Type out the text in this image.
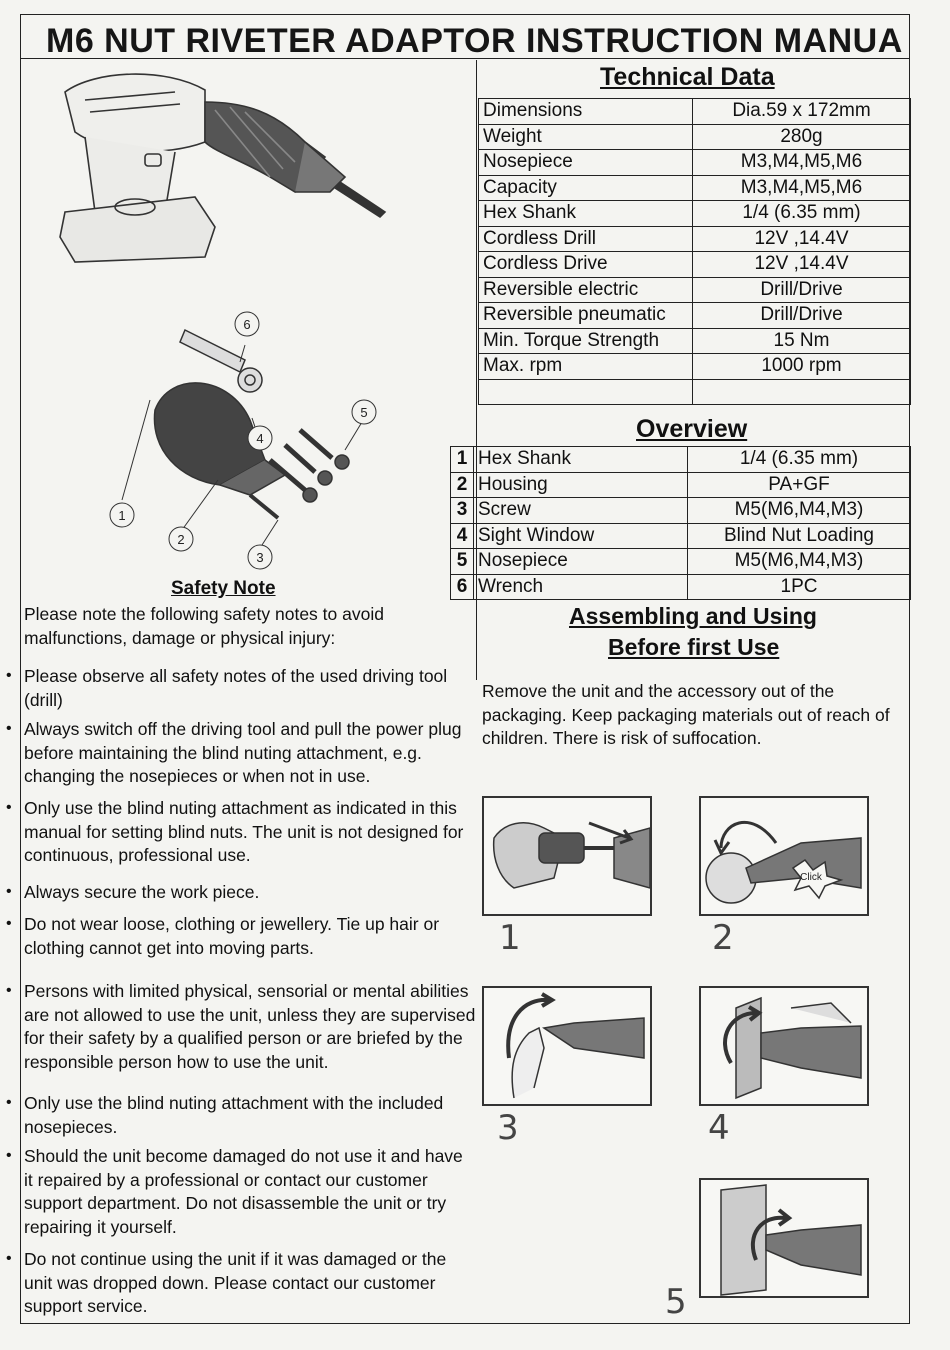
M6 NUT RIVETER ADAPTOR INSTRUCTION MANUA
1
2
3
4
5
6
Technical Data
Dimensions	Dia.59 x 172mm
Weight	280g
Nosepiece	M3,M4,M5,M6
Capacity	M3,M4,M5,M6
Hex Shank	1/4 (6.35 mm)
Cordless Drill	12V ,14.4V
Cordless Drive	12V ,14.4V
Reversible electric	Drill/Drive
Reversible pneumatic	Drill/Drive
Min. Torque Strength	15 Nm
Max. rpm	1000 rpm

Overview
1	Hex Shank	1/4 (6.35 mm)
2	Housing	PA+GF
3	Screw	M5(M6,M4,M3)
4	Sight Window	Blind Nut Loading
5	Nosepiece	M5(M6,M4,M3)
6	Wrench	1PC
Safety Note
Please note the following safety notes to avoid malfunctions, damage or physical injury:
• Please observe all safety notes of the used driving tool (drill)
• Always switch off the driving tool and pull the power plug before maintaining the blind nuting attachment, e.g. changing the nosepieces or when not in use.
• Only use the blind nuting attachment as indicated in this manual for setting blind nuts. The unit is not designed for continuous, professional use.
• Always secure the work piece.
• Do not wear loose, clothing or jewellery. Tie up hair or clothing cannot get into moving parts.
• Persons with limited physical, sensorial or mental abilities are not allowed to use the unit, unless they are supervised for their safety by a qualified person or are briefed by the responsible person how to use the unit.
• Only use the blind nuting attachment with the included nosepieces.
• Should the unit become damaged do not use it and have it repaired by a professional or contact our customer support department. Do not disassemble the unit or try repairing it yourself.
• Do not continue using the unit if it was damaged or the unit was dropped down. Please contact our customer support service.
Assembling and Using
Before first Use
Remove the unit and the accessory out of the packaging. Keep packaging materials out of reach of children. There is risk of suffocation.
Click
1	2
3	4
5
